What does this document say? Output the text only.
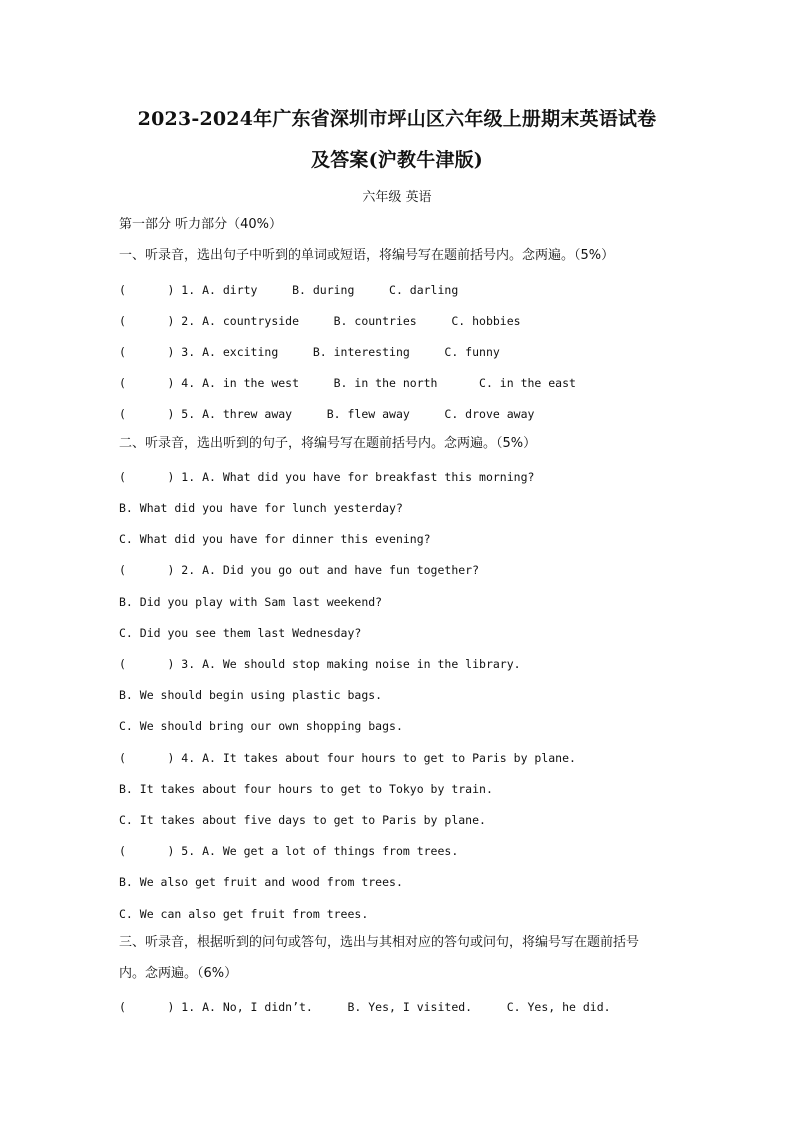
2023-2024年广东省深圳市坪山区六年级上册期末英语试卷
及答案(沪教牛津版)
六年级 英语
第一部分 听力部分（40%）
一、听录音，选出句子中听到的单词或短语，将编号写在题前括号内。念两遍。（5%）
(      ) 1. A. dirty     B. during     C. darling
(      ) 2. A. countryside     B. countries     C. hobbies
(      ) 3. A. exciting     B. interesting     C. funny
(      ) 4. A. in the west     B. in the north      C. in the east
(      ) 5. A. threw away     B. flew away     C. drove away
二、听录音，选出听到的句子，将编号写在题前括号内。念两遍。（5%）
(      ) 1. A. What did you have for breakfast this morning?
B. What did you have for lunch yesterday?
C. What did you have for dinner this evening?
(      ) 2. A. Did you go out and have fun together?
B. Did you play with Sam last weekend?
C. Did you see them last Wednesday?
(      ) 3. A. We should stop making noise in the library.
B. We should begin using plastic bags.
C. We should bring our own shopping bags.
(      ) 4. A. It takes about four hours to get to Paris by plane.
B. It takes about four hours to get to Tokyo by train.
C. It takes about five days to get to Paris by plane.
(      ) 5. A. We get a lot of things from trees.
B. We also get fruit and wood from trees.
C. We can also get fruit from trees.
三、听录音，根据听到的问句或答句，选出与其相对应的答句或问句，将编号写在题前括号
内。念两遍。（6%）
(      ) 1. A. No, I didn’t.     B. Yes, I visited.     C. Yes, he did.
